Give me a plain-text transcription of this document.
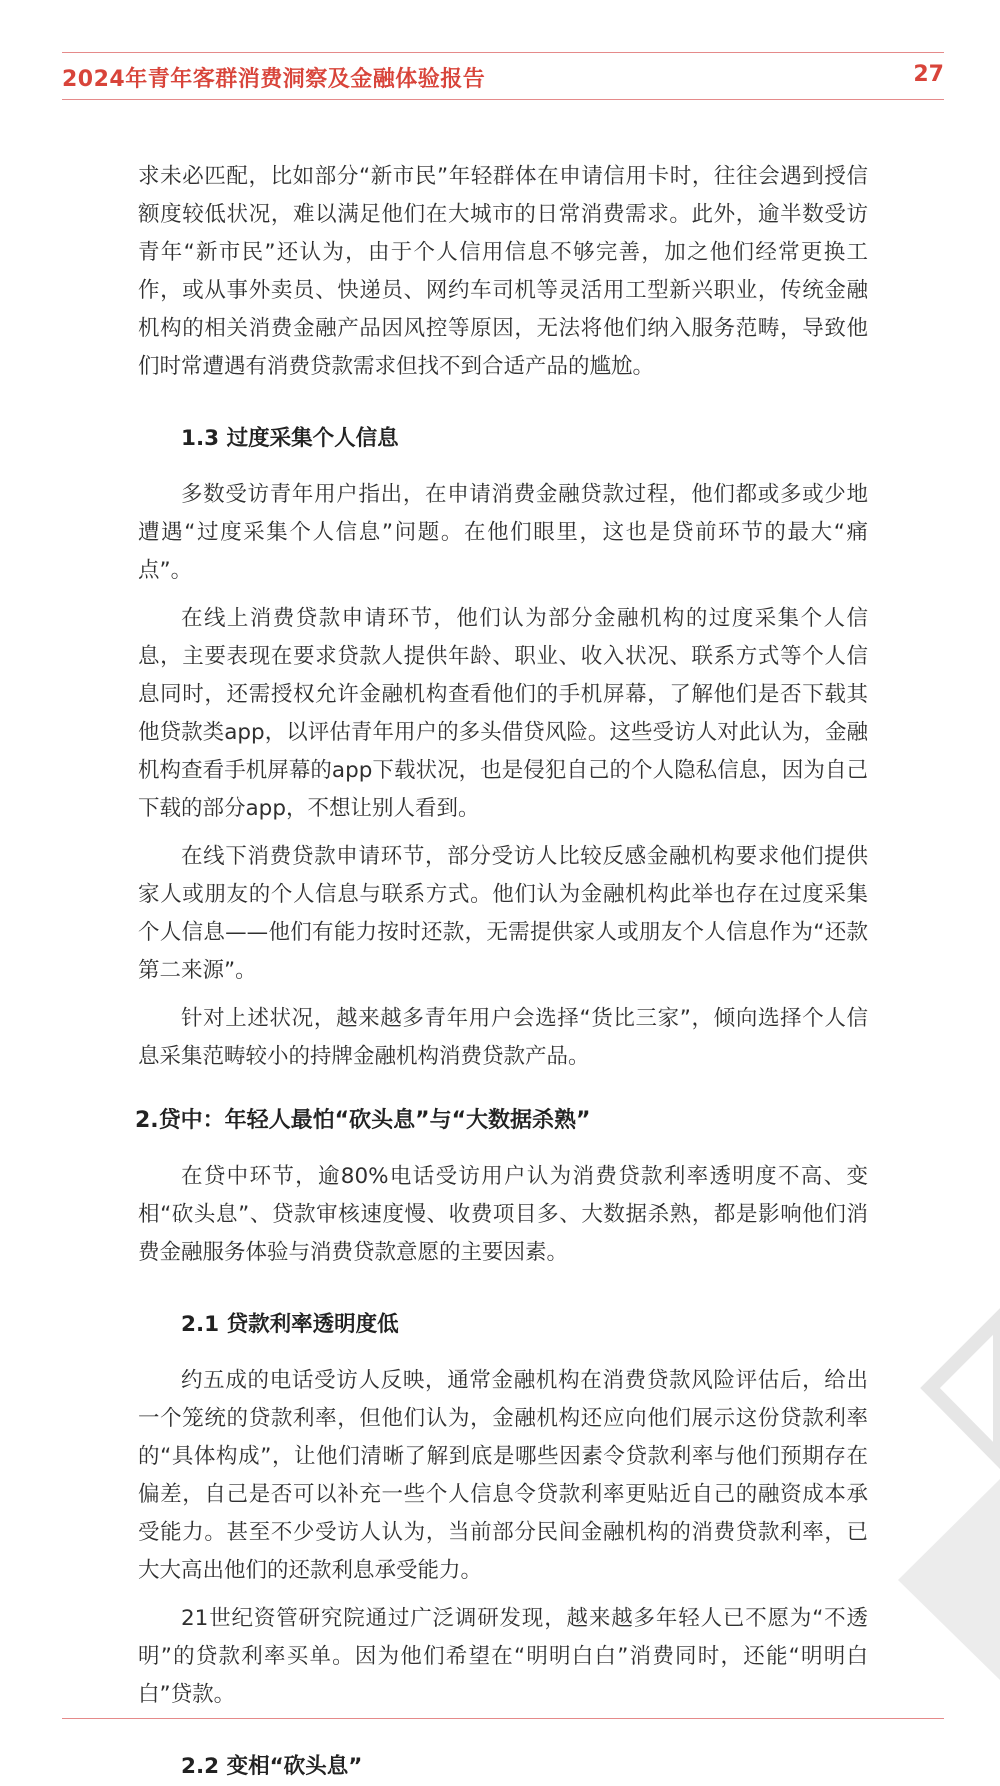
2024年青年客群消费洞察及金融体验报告	27

求未必匹配，比如部分“新市民”年轻群体在申请信用卡时，往往会遇到授信额度较低状况，难以满足他们在大城市的日常消费需求。此外，逾半数受访青年“新市民”还认为，由于个人信用信息不够完善，加之他们经常更换工作，或从事外卖员、快递员、网约车司机等灵活用工型新兴职业，传统金融机构的相关消费金融产品因风控等原因，无法将他们纳入服务范畴，导致他们时常遭遇有消费贷款需求但找不到合适产品的尴尬。

1.3 过度采集个人信息

多数受访青年用户指出，在申请消费金融贷款过程，他们都或多或少地遭遇“过度采集个人信息”问题。在他们眼里，这也是贷前环节的最大“痛点”。

在线上消费贷款申请环节，他们认为部分金融机构的过度采集个人信息，主要表现在要求贷款人提供年龄、职业、收入状况、联系方式等个人信息同时，还需授权允许金融机构查看他们的手机屏幕，了解他们是否下载其他贷款类app，以评估青年用户的多头借贷风险。这些受访人对此认为，金融机构查看手机屏幕的app下载状况，也是侵犯自己的个人隐私信息，因为自己下载的部分app，不想让别人看到。

在线下消费贷款申请环节，部分受访人比较反感金融机构要求他们提供家人或朋友的个人信息与联系方式。他们认为金融机构此举也存在过度采集个人信息——他们有能力按时还款，无需提供家人或朋友个人信息作为“还款第二来源”。

针对上述状况，越来越多青年用户会选择“货比三家”，倾向选择个人信息采集范畴较小的持牌金融机构消费贷款产品。

2.贷中：年轻人最怕“砍头息”与“大数据杀熟”

在贷中环节，逾80%电话受访用户认为消费贷款利率透明度不高、变相“砍头息”、贷款审核速度慢、收费项目多、大数据杀熟，都是影响他们消费金融服务体验与消费贷款意愿的主要因素。

2.1 贷款利率透明度低

约五成的电话受访人反映，通常金融机构在消费贷款风险评估后，给出一个笼统的贷款利率，但他们认为，金融机构还应向他们展示这份贷款利率的“具体构成”，让他们清晰了解到底是哪些因素令贷款利率与他们预期存在偏差，自己是否可以补充一些个人信息令贷款利率更贴近自己的融资成本承受能力。甚至不少受访人认为，当前部分民间金融机构的消费贷款利率，已大大高出他们的还款利息承受能力。

21世纪资管研究院通过广泛调研发现，越来越多年轻人已不愿为“不透明”的贷款利率买单。因为他们希望在“明明白白”消费同时，还能“明明白白”贷款。

2.2 变相“砍头息”
